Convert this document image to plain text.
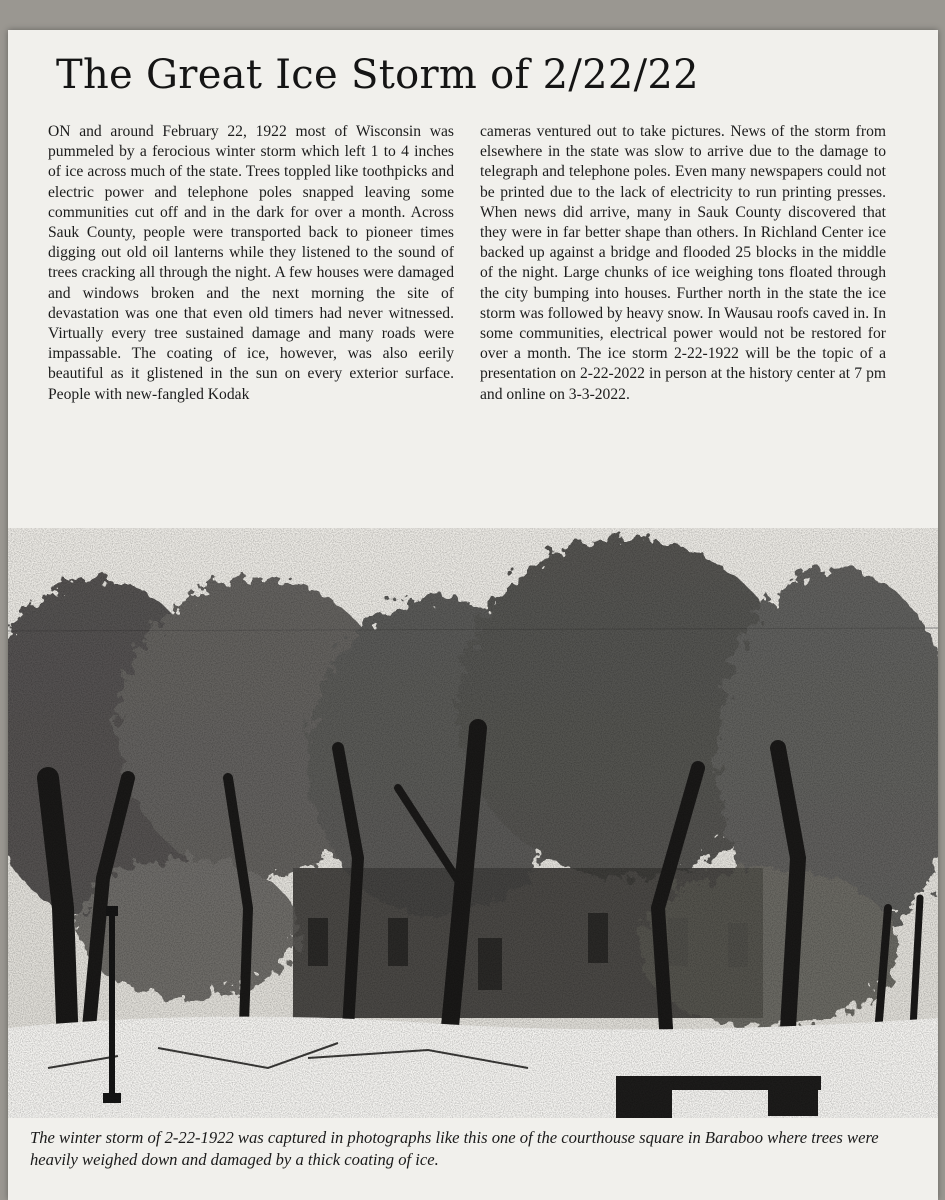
The Great Ice Storm of 2/22/22

ON and around February 22, 1922 most of Wisconsin was pummeled by a ferocious winter storm which left 1 to 4 inches of ice across much of the state. Trees toppled like toothpicks and electric power and telephone poles snapped leaving some communities cut off and in the dark for over a month. Across Sauk County, people were transported back to pioneer times digging out old oil lanterns while they listened to the sound of trees cracking all through the night. A few houses were damaged and windows broken and the next morning the site of devastation was one that even old timers had never witnessed. Virtually every tree sustained damage and many roads were impassable. The coating of ice, however, was also eerily beautiful as it glistened in the sun on every exterior surface. People with new-fangled Kodak

cameras ventured out to take pictures. News of the storm from elsewhere in the state was slow to arrive due to the damage to telegraph and telephone poles. Even many newspapers could not be printed due to the lack of electricity to run printing presses. When news did arrive, many in Sauk County discovered that they were in far better shape than others. In Richland Center ice backed up against a bridge and flooded 25 blocks in the middle of the night. Large chunks of ice weighing tons floated through the city bumping into houses. Further north in the state the ice storm was followed by heavy snow. In Wausau roofs caved in. In some communities, electrical power would not be restored for over a month. The ice storm 2-22-1922 will be the topic of a presentation on 2-22-2022 in person at the history center at 7 pm and online on 3-3-2022.

The winter storm of 2-22-1922 was captured in photographs like this one of the courthouse square in Baraboo where trees were heavily weighed down and damaged by a thick coating of ice.
